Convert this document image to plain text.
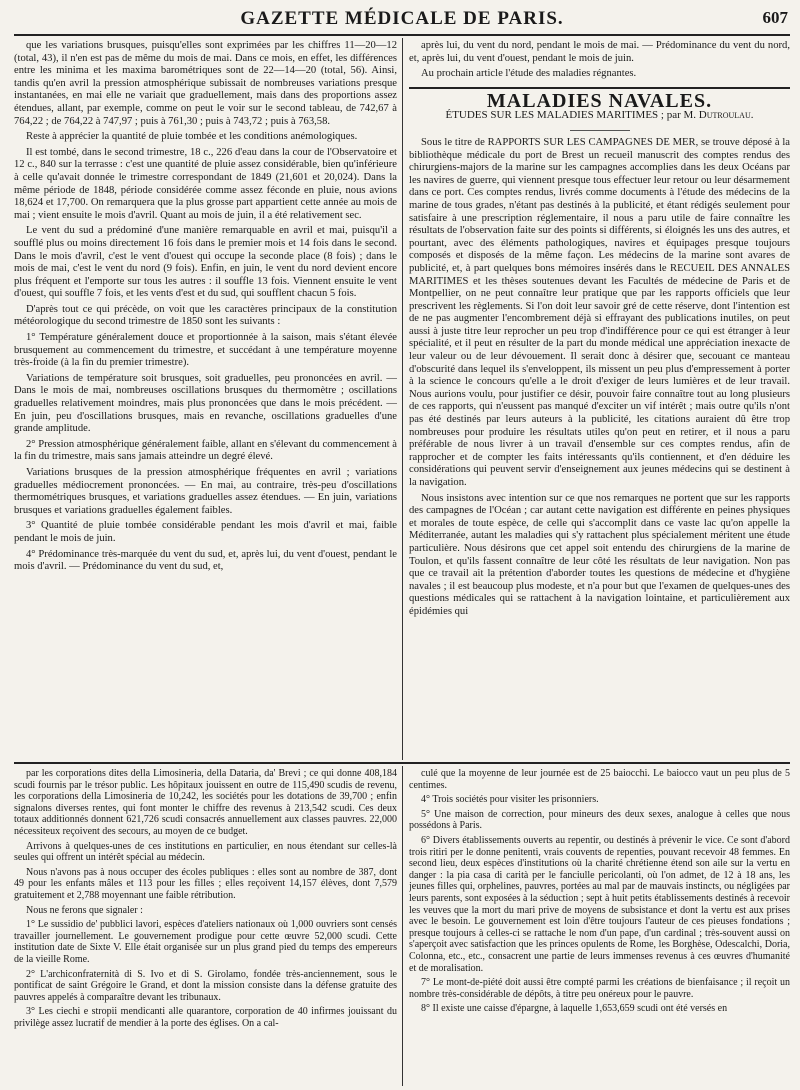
GAZETTE MÉDICALE DE PARIS.	607

que les variations brusques, puisqu'elles sont exprimées par les chiffres 11—20—12 (total, 43), il n'en est pas de même du mois de mai. Dans ce mois, en effet, les différences entre les minima et les maxima barométriques sont de 22—14—20 (total, 56). Ainsi, tandis qu'en avril la pression atmosphérique subissait de nombreuses variations presque instantanées, en mai elle ne variait que graduellement, mais dans des proportions assez étendues, allant, par exemple, comme on peut le voir sur le second tableau, de 742,67 à 764,22 ; de 764,22 à 747,97 ; puis à 761,30 ; puis à 743,72 ; puis à 763,58.

Reste à apprécier la quantité de pluie tombée et les conditions anémologiques.

Il est tombé, dans le second trimestre, 18 c., 226 d'eau dans la cour de l'Observatoire et 12 c., 840 sur la terrasse : c'est une quantité de pluie assez considérable, bien qu'inférieure à celle qu'avait donnée le trimestre correspondant de 1849 (21,601 et 20,024). Dans la même période de 1848, période considérée comme assez féconde en pluie, nous avions 18,624 et 17,700. On remarquera que la plus grosse part appartient cette année au mois de mai ; vient ensuite le mois d'avril. Quant au mois de juin, il a été relativement sec.

Le vent du sud a prédominé d'une manière remarquable en avril et mai, puisqu'il a soufflé plus ou moins directement 16 fois dans le premier mois et 14 fois dans le second. Dans le mois d'avril, c'est le vent d'ouest qui occupe la seconde place (8 fois) ; dans le mois de mai, c'est le vent du nord (9 fois). Enfin, en juin, le vent du nord devient encore plus fréquent et l'emporte sur tous les autres : il souffle 13 fois. Viennent ensuite le vent d'ouest, qui souffle 7 fois, et les vents d'est et du sud, qui soufflent chacun 5 fois.

D'après tout ce qui précède, on voit que les caractères principaux de la constitution météorologique du second trimestre de 1850 sont les suivants :

1° Température généralement douce et proportionnée à la saison, mais s'étant élevée brusquement au commencement du trimestre, et succédant à une température moyenne très-froide (à la fin du premier trimestre).

Variations de température soit brusques, soit graduelles, peu prononcées en avril. — Dans le mois de mai, nombreuses oscillations brusques du thermomètre ; oscillations graduelles relativement moindres, mais plus prononcées que dans le mois précédent. — En juin, peu d'oscillations brusques, mais en revanche, oscillations graduelles d'une grande amplitude.

2° Pression atmosphérique généralement faible, allant en s'élevant du commencement à la fin du trimestre, mais sans jamais atteindre un degré élevé.

Variations brusques de la pression atmosphérique fréquentes en avril ; variations graduelles médiocrement prononcées. — En mai, au contraire, très-peu d'oscillations thermométriques brusques, et variations graduelles assez étendues. — En juin, variations brusques et variations graduelles également faibles.

3° Quantité de pluie tombée considérable pendant les mois d'avril et mai, faible pendant le mois de juin.

4° Prédominance très-marquée du vent du sud, et, après lui, du vent d'ouest, pendant le mois d'avril. — Prédominance du vent du sud, et,

après lui, du vent du nord, pendant le mois de mai. — Prédominance du vent du nord, et, après lui, du vent d'ouest, pendant le mois de juin.

Au prochain article l'étude des maladies régnantes.

MALADIES NAVALES.
ÉTUDES SUR LES MALADIES MARITIMES ; par M. Dutroulau.

Sous le titre de RAPPORTS SUR LES CAMPAGNES DE MER, se trouve déposé à la bibliothèque médicale du port de Brest un recueil manuscrit des comptes rendus des chirurgiens-majors de la marine sur les campagnes accomplies dans les deux Océans par les navires de guerre, qui viennent presque tous effectuer leur retour ou leur désarmement dans ce port. Ces comptes rendus, livrés comme documents à l'étude des médecins de la marine de tous grades, n'étant pas destinés à la publicité, et étant rédigés seulement pour satisfaire à une prescription réglementaire, il nous a paru utile de faire connaître les résultats de l'observation faite sur des points si différents, si éloignés les uns des autres, et pourtant, avec des éléments pathologiques, navires et équipages presque toujours composés et disposés de la même façon. Les médecins de la marine sont avares de publicité, et, à part quelques bons mémoires insérés dans le RECUEIL DES ANNALES MARITIMES et les thèses soutenues devant les Facultés de médecine de Paris et de Montpellier, on ne peut connaître leur pratique que par les rapports officiels que leur prescrivent les règlements. Si l'on doit leur savoir gré de cette réserve, dont l'intention est de ne pas augmenter l'encombrement déjà si effrayant des publications inutiles, on peut aussi à juste titre leur reprocher un peu trop d'indifférence pour ce qui est étranger à leur spécialité, et il peut en résulter de la part du monde médical une appréciation inexacte de leur valeur ou de leur dévouement. Il serait donc à désirer que, secouant ce manteau d'obscurité dans lequel ils s'enveloppent, ils missent un peu plus d'empressement à porter à la science le concours qu'elle a le droit d'exiger de leurs lumières et de leur travail. Nous aurions voulu, pour justifier ce désir, pouvoir faire connaître tout au long plusieurs de ces rapports, qui n'eussent pas manqué d'exciter un vif intérêt ; mais outre qu'ils n'ont pas été destinés par leurs auteurs à la publicité, les citations auraient dû être trop nombreuses pour produire les résultats utiles qu'on peut en retirer, et il nous a paru préférable de nous livrer à un travail d'ensemble sur ces comptes rendus, afin de rapprocher et de compter les faits intéressants qu'ils contiennent, et d'en déduire les considérations qui peuvent servir d'enseignement aux jeunes médecins qui se destinent à la navigation.

Nous insistons avec intention sur ce que nos remarques ne portent que sur les rapports des campagnes de l'Océan ; car autant cette navigation est différente en peines physiques et morales de toute espèce, de celle qui s'accomplit dans ce vaste lac qu'on appelle la Méditerranée, autant les maladies qui s'y rattachent plus spécialement méritent une étude particulière. Nous désirons que cet appel soit entendu des chirurgiens de la marine de Toulon, et qu'ils fassent connaître de leur côté les résultats de leur navigation. Non pas que ce travail ait la prétention d'aborder toutes les questions de médecine et d'hygiène navales ; il est beaucoup plus modeste, et n'a pour but que l'examen de quelques-unes des questions médicales qui se rattachent à la navigation lointaine, et particulièrement aux épidémies qui

par les corporations dites della Limosineria, della Dataria, da' Brevi ; ce qui donne 408,184 scudi fournis par le trésor public. Les hôpitaux jouissent en outre de 115,490 scudis de revenu, les corporations della Limosineria de 10,242, les sociétés pour les dotations de 39,700 ; enfin signalons diverses rentes, qui font monter le chiffre des revenus à 213,542 scudi. Ces deux totaux additionnés donnent 621,726 scudi consacrés annuellement aux classes pauvres. 22,000 nécessiteux reçoivent des secours, au moyen de ce budget.

Arrivons à quelques-unes de ces institutions en particulier, en nous étendant sur celles-là seules qui offrent un intérêt spécial au médecin.

Nous n'avons pas à nous occuper des écoles publiques : elles sont au nombre de 387, dont 49 pour les enfants mâles et 113 pour les filles ; elles reçoivent 14,157 élèves, dont 7,579 gratuitement et 2,788 moyennant une faible rétribution.

Nous ne ferons que signaler :

1° Le sussidio de' pubblici lavori, espèces d'ateliers nationaux où 1,000 ouvriers sont censés travailler journellement. Le gouvernement prodigue pour cette œuvre 52,000 scudi. Cette institution date de Sixte V. Elle était organisée sur un plus grand pied du temps des empereurs de la vieille Rome.

2° L'archiconfraternità di S. Ivo et di S. Girolamo, fondée très-anciennement, sous le pontificat de saint Grégoire le Grand, et dont la mission consiste dans la défense gratuite des pauvres appelés à comparaître devant les tribunaux.

3° Les ciechi e stropii mendicanti alle quarantore, corporation de 40 infirmes jouissant du privilège assez lucratif de mendier à la porte des églises. On a cal-

culé que la moyenne de leur journée est de 25 baiocchi. Le baiocco vaut un peu plus de 5 centimes.

4° Trois sociétés pour visiter les prisonniers.

5° Une maison de correction, pour mineurs des deux sexes, analogue à celles que nous possédons à Paris.

6° Divers établissements ouverts au repentir, ou destinés à prévenir le vice. Ce sont d'abord trois ritiri per le donne penitenti, vrais couvents de repenties, pouvant recevoir 48 femmes. En second lieu, deux espèces d'institutions où la charité chrétienne étend son aile sur la vertu en danger : la pia casa di carità per le fanciulle pericolanti, où l'on admet, de 12 à 18 ans, les jeunes filles qui, orphelines, pauvres, portées au mal par de mauvais instincts, ou négligées par leurs parents, sont exposées à la séduction ; sept à huit petits établissements destinés à recevoir les veuves que la mort du mari prive de moyens de subsistance et dont la vertu est aux prises avec le besoin. Le gouvernement est loin d'être toujours l'auteur de ces pieuses fondations ; presque toujours à celles-ci se rattache le nom d'un pape, d'un cardinal ; très-souvent aussi on s'aperçoit avec satisfaction que les princes opulents de Rome, les Borghèse, Odescalchi, Doria, Colonna, etc., etc., consacrent une partie de leurs immenses revenus à ces œuvres d'humanité et de moralisation.

7° Le mont-de-piété doit aussi être compté parmi les créations de bienfaisance ; il reçoit un nombre très-considérable de dépôts, à titre peu onéreux pour le pauvre.

8° Il existe une caisse d'épargne, à laquelle 1,653,659 scudi ont été versés en
